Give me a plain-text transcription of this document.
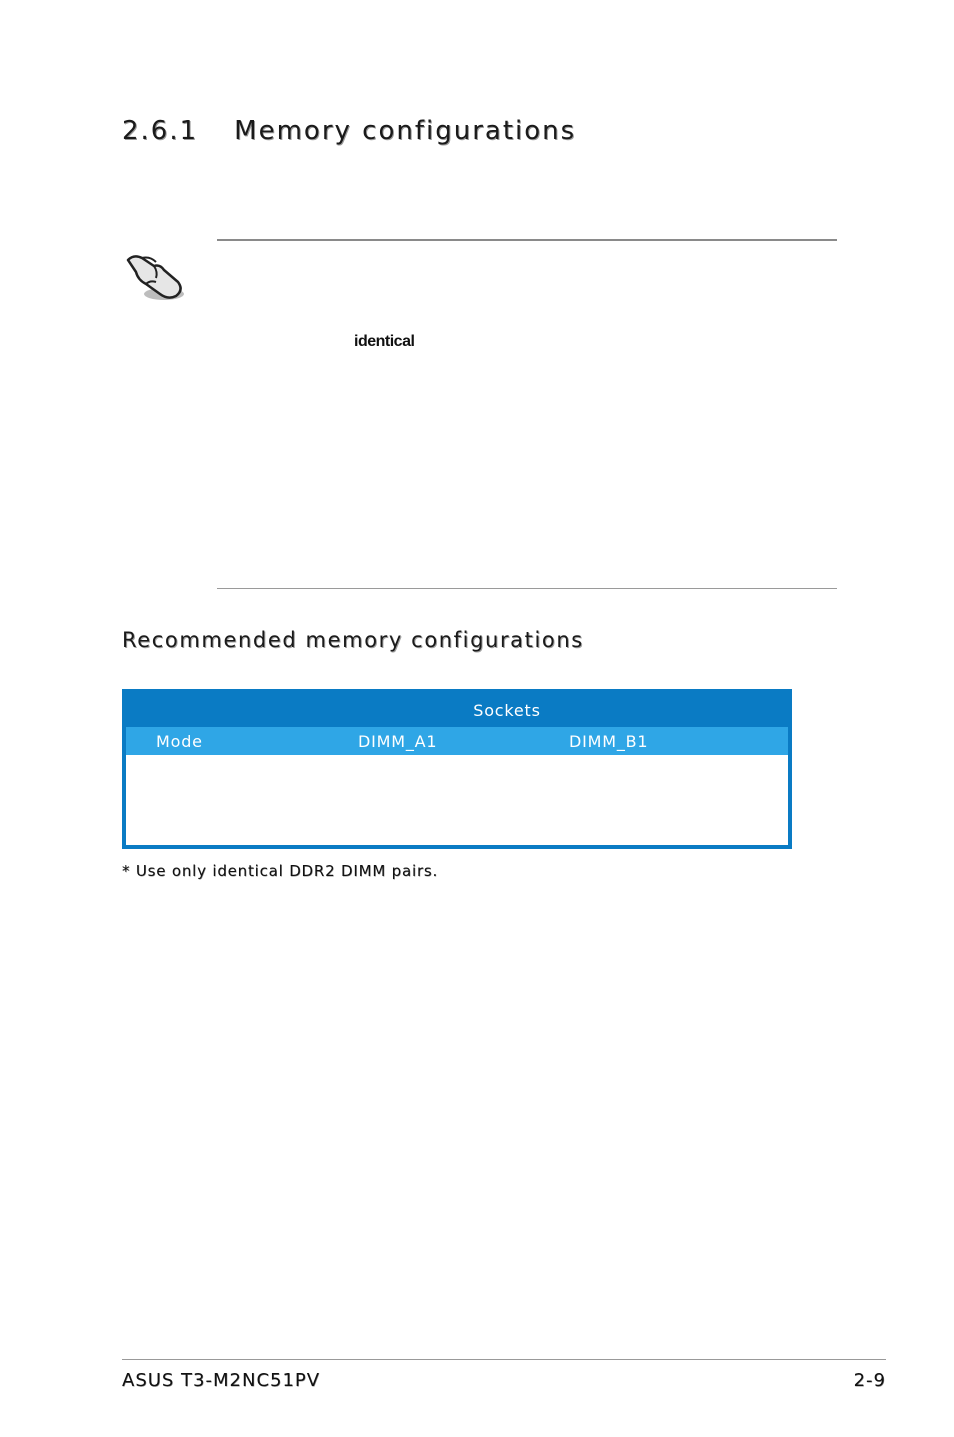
2.6.1 Memory configurations
identical
Recommended memory configurations
Sockets
Mode	DIMM_A1	DIMM_B1
* Use only identical DDR2 DIMM pairs.
ASUS T3-M2NC51PV	2-9
